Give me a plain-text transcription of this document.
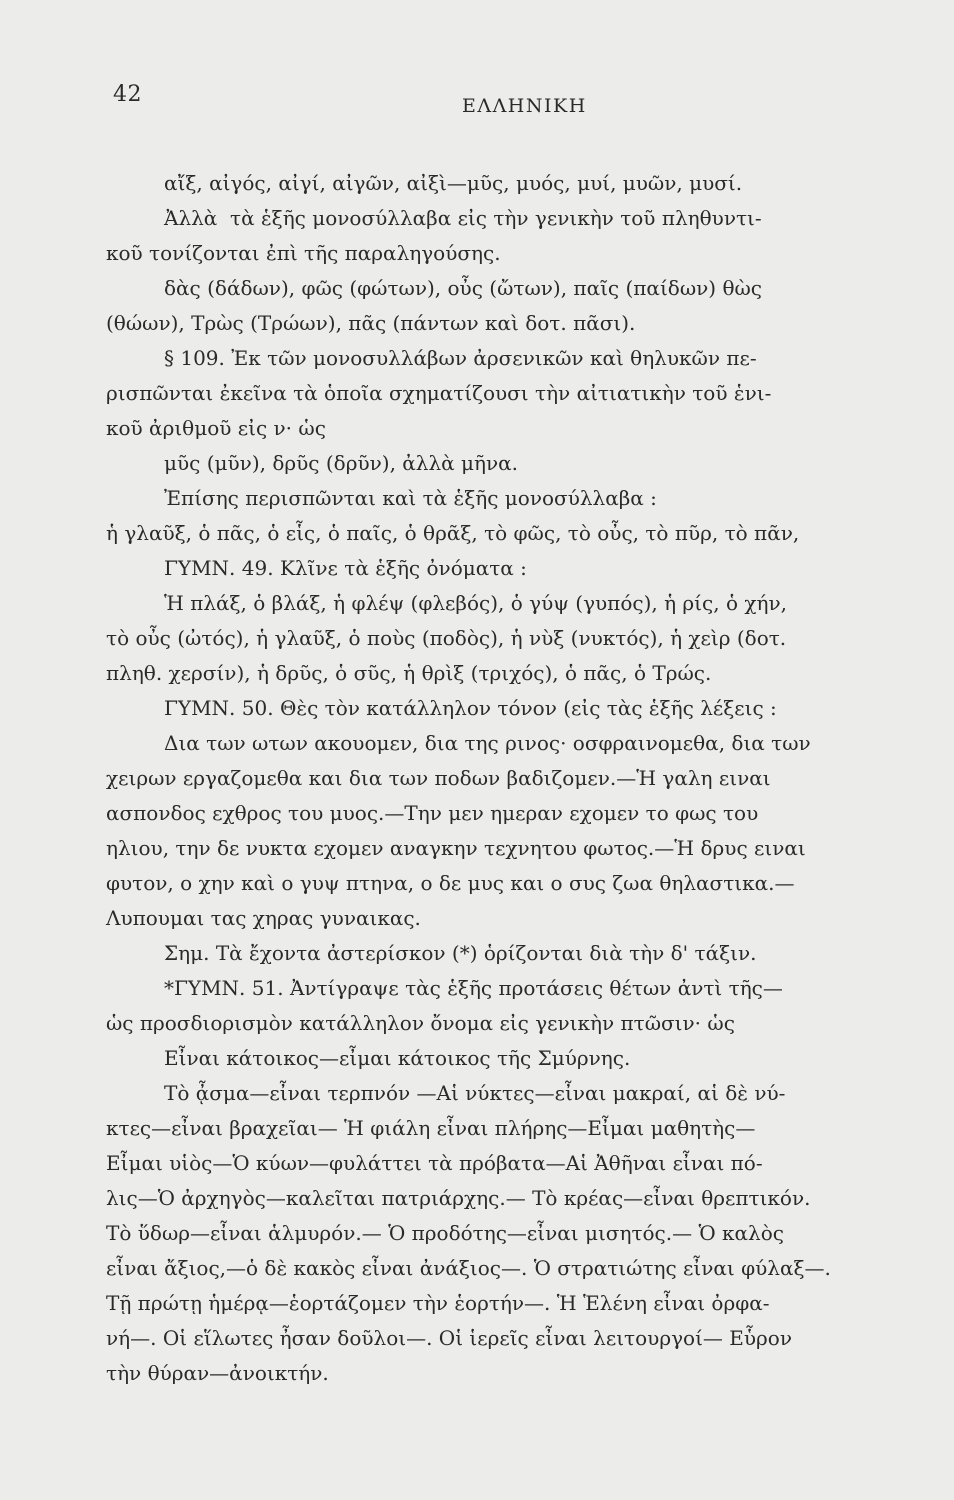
42	ΕΛΛΗΝΙΚΗ
αἴξ, αἰγός, αἰγί, αἰγῶν, αἰξὶ—μῦς, μυός, μυί, μυῶν, μυσί.
Ἀλλὰ  τὰ ἑξῆς μονοσύλλαβα εἰς τὴν γενικὴν τοῦ πληθυντι-
κοῦ τονίζονται ἐπὶ τῆς παραληγούσης.
δὰς (δάδων), φῶς (φώτων), οὖς (ὤτων), παῖς (παίδων) θὼς
(θώων), Τρὼς (Τρώων), πᾶς (πάντων καὶ δοτ. πᾶσι).
§ 109. Ἐκ τῶν μονοσυλλάβων ἀρσενικῶν καὶ θηλυκῶν πε-
ρισπῶνται ἐκεῖνα τὰ ὁποῖα σχηματίζουσι τὴν αἰτιατικὴν τοῦ ἑνι-
κοῦ ἀριθμοῦ εἰς ν· ὡς
μῦς (μῦν), δρῦς (δρῦν), ἀλλὰ μῆνα.
Ἐπίσης περισπῶνται καὶ τὰ ἑξῆς μονοσύλλαβα :
ἡ γλαῦξ, ὁ πᾶς, ὁ εἷς, ὁ παῖς, ὁ θρᾶξ, τὸ φῶς, τὸ οὖς, τὸ πῦρ, τὸ πᾶν,
ΓΥΜΝ. 49. Κλῖνε τὰ ἑξῆς ὀνόματα :
Ἡ πλάξ, ὁ βλάξ, ἡ φλέψ (φλεβός), ὁ γύψ (γυπός), ἡ ρίς, ὁ χήν,
τὸ οὖς (ὠτός), ἡ γλαῦξ, ὁ ποὺς (ποδὸς), ἡ νὺξ (νυκτός), ἡ χεὶρ (δοτ.
πληθ. χερσίν), ἡ δρῦς, ὁ σῦς, ἡ θρὶξ (τριχός), ὁ πᾶς, ὁ Τρώς.
ΓΥΜΝ. 50. Θὲς τὸν κατάλληλον τόνον (εἰς τὰς ἑξῆς λέξεις :
Δια των ωτων ακουομεν, δια της ρινος· οσφραινομεθα, δια των
χειρων εργαζομεθα και δια των ποδων βαδιζομεν.—Ἡ γαλη ειναι
ασπονδος εχθρος του μυος.—Την μεν ημεραν εχομεν το φως του
ηλιου, την δε νυκτα εχομεν αναγκην τεχνητου φωτος.—Ἡ δρυς ειναι
φυτον, ο χην καὶ ο γυψ πτηνα, ο δε μυς και ο συς ζωα θηλαστικα.—
Λυπουμαι τας χηρας γυναικας.
Σημ. Τὰ ἔχοντα ἀστερίσκον (*) ὁρίζονται διὰ τὴν δ' τάξιν.
*ΓΥΜΝ. 51. Ἀντίγραψε τὰς ἑξῆς προτάσεις θέτων ἀντὶ τῆς—
ὡς προσδιορισμὸν κατάλληλον ὄνομα εἰς γενικὴν πτῶσιν· ὡς
Εἶναι κάτοικος—εἶμαι κάτοικος τῆς Σμύρνης.
Τὸ ᾆσμα—εἶναι τερπνόν —Αἱ νύκτες—εἶναι μακραί, αἱ δὲ νύ-
κτες—εἶναι βραχεῖαι— Ἡ φιάλη εἶναι πλήρης—Εἶμαι μαθητὴς—
Εἶμαι υἱὸς—Ὁ κύων—φυλάττει τὰ πρόβατα—Αἱ Ἀθῆναι εἶναι πό-
λις—Ὁ ἀρχηγὸς—καλεῖται πατριάρχης.— Τὸ κρέας—εἶναι θρεπτικόν.
Τὸ ὕδωρ—εἶναι ἁλμυρόν.— Ὁ προδότης—εἶναι μισητός.— Ὁ καλὸς
εἶναι ἄξιος,—ὁ δὲ κακὸς εἶναι ἀνάξιος—. Ὁ στρατιώτης εἶναι φύλαξ—.
Τῇ πρώτῃ ἡμέρᾳ—ἑορτάζομεν τὴν ἑορτήν—. Ἡ Ἑλένη εἶναι ὀρφα-
νή—. Οἱ εἵλωτες ἦσαν δοῦλοι—. Οἱ ἱερεῖς εἶναι λειτουργοί— Εὗρον
τὴν θύραν—ἀνοικτήν.
